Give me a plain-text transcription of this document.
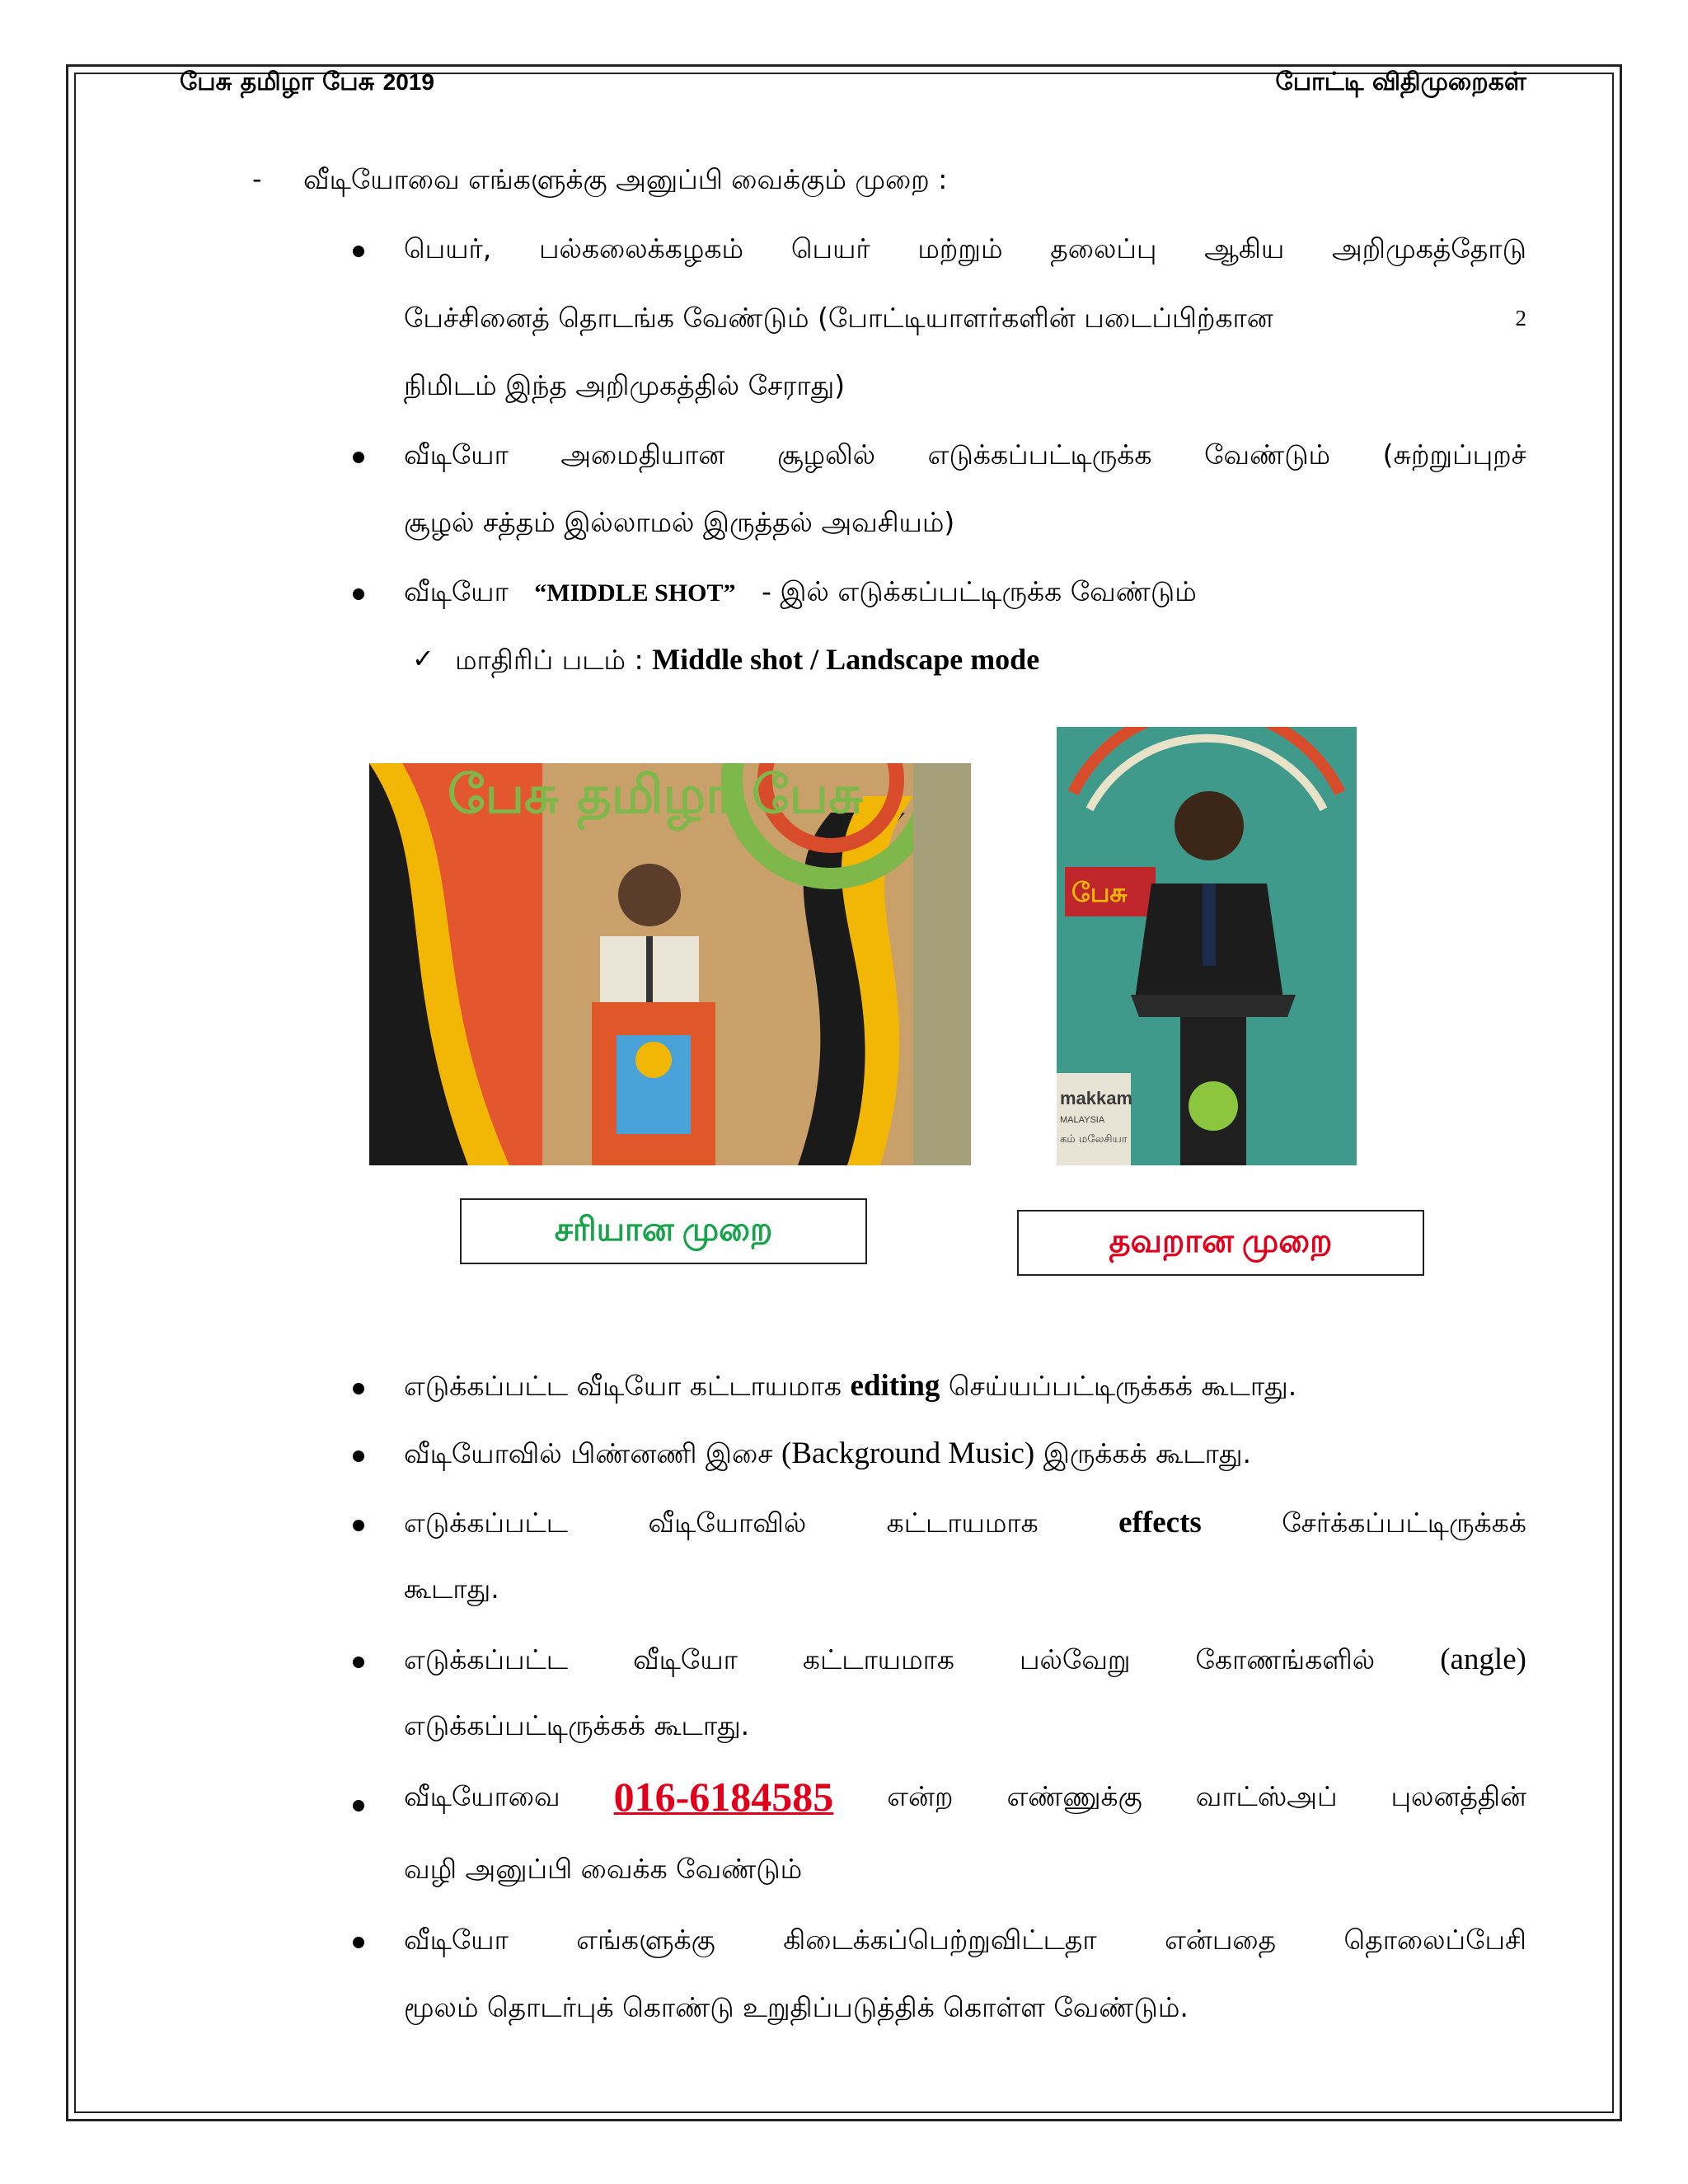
பேசு தமிழா பேசு 2019	போட்டி விதிமுறைகள்
- வீடியோவை எங்களுக்கு அனுப்பி வைக்கும் முறை :
பெயர், பல்கலைக்கழகம் பெயர் மற்றும் தலைப்பு ஆகிய அறிமுகத்தோடு
பேச்சினைத் தொடங்க வேண்டும் (போட்டியாளர்களின் படைப்பிற்கான	2
நிமிடம் இந்த அறிமுகத்தில் சேராது)
வீடியோ அமைதியான சூழலில் எடுக்கப்பட்டிருக்க வேண்டும் (சுற்றுப்புறச்
சூழல் சத்தம் இல்லாமல் இருத்தல் அவசியம்)
வீடியோ “MIDDLE SHOT” - இல் எடுக்கப்பட்டிருக்க வேண்டும்
✓ மாதிரிப் படம் : Middle shot / Landscape mode
பேசு தமிழா பேசு
பேசு
makkam
MALAYSIA
கம் மலேசியா
சரியான முறை	தவறான முறை
எடுக்கப்பட்ட வீடியோ கட்டாயமாக editing செய்யப்பட்டிருக்கக் கூடாது.
வீடியோவில் பிண்னணி இசை (Background Music) இருக்கக் கூடாது.
எடுக்கப்பட்ட	வீடியோவில்	கட்டாயமாக	effects	சேர்க்கப்பட்டிருக்கக்
கூடாது.
எடுக்கப்பட்ட வீடியோ கட்டாயமாக பல்வேறு கோணங்களில் (angle)
எடுக்கப்பட்டிருக்கக் கூடாது.
வீடியோவை 016-6184585 என்ற எண்ணுக்கு வாட்ஸ்அப் புலனத்தின்
வழி அனுப்பி வைக்க வேண்டும்
வீடியோ எங்களுக்கு கிடைக்கப்பெற்றுவிட்டதா என்பதை தொலைப்பேசி
மூலம் தொடர்புக் கொண்டு உறுதிப்படுத்திக் கொள்ள வேண்டும்.
